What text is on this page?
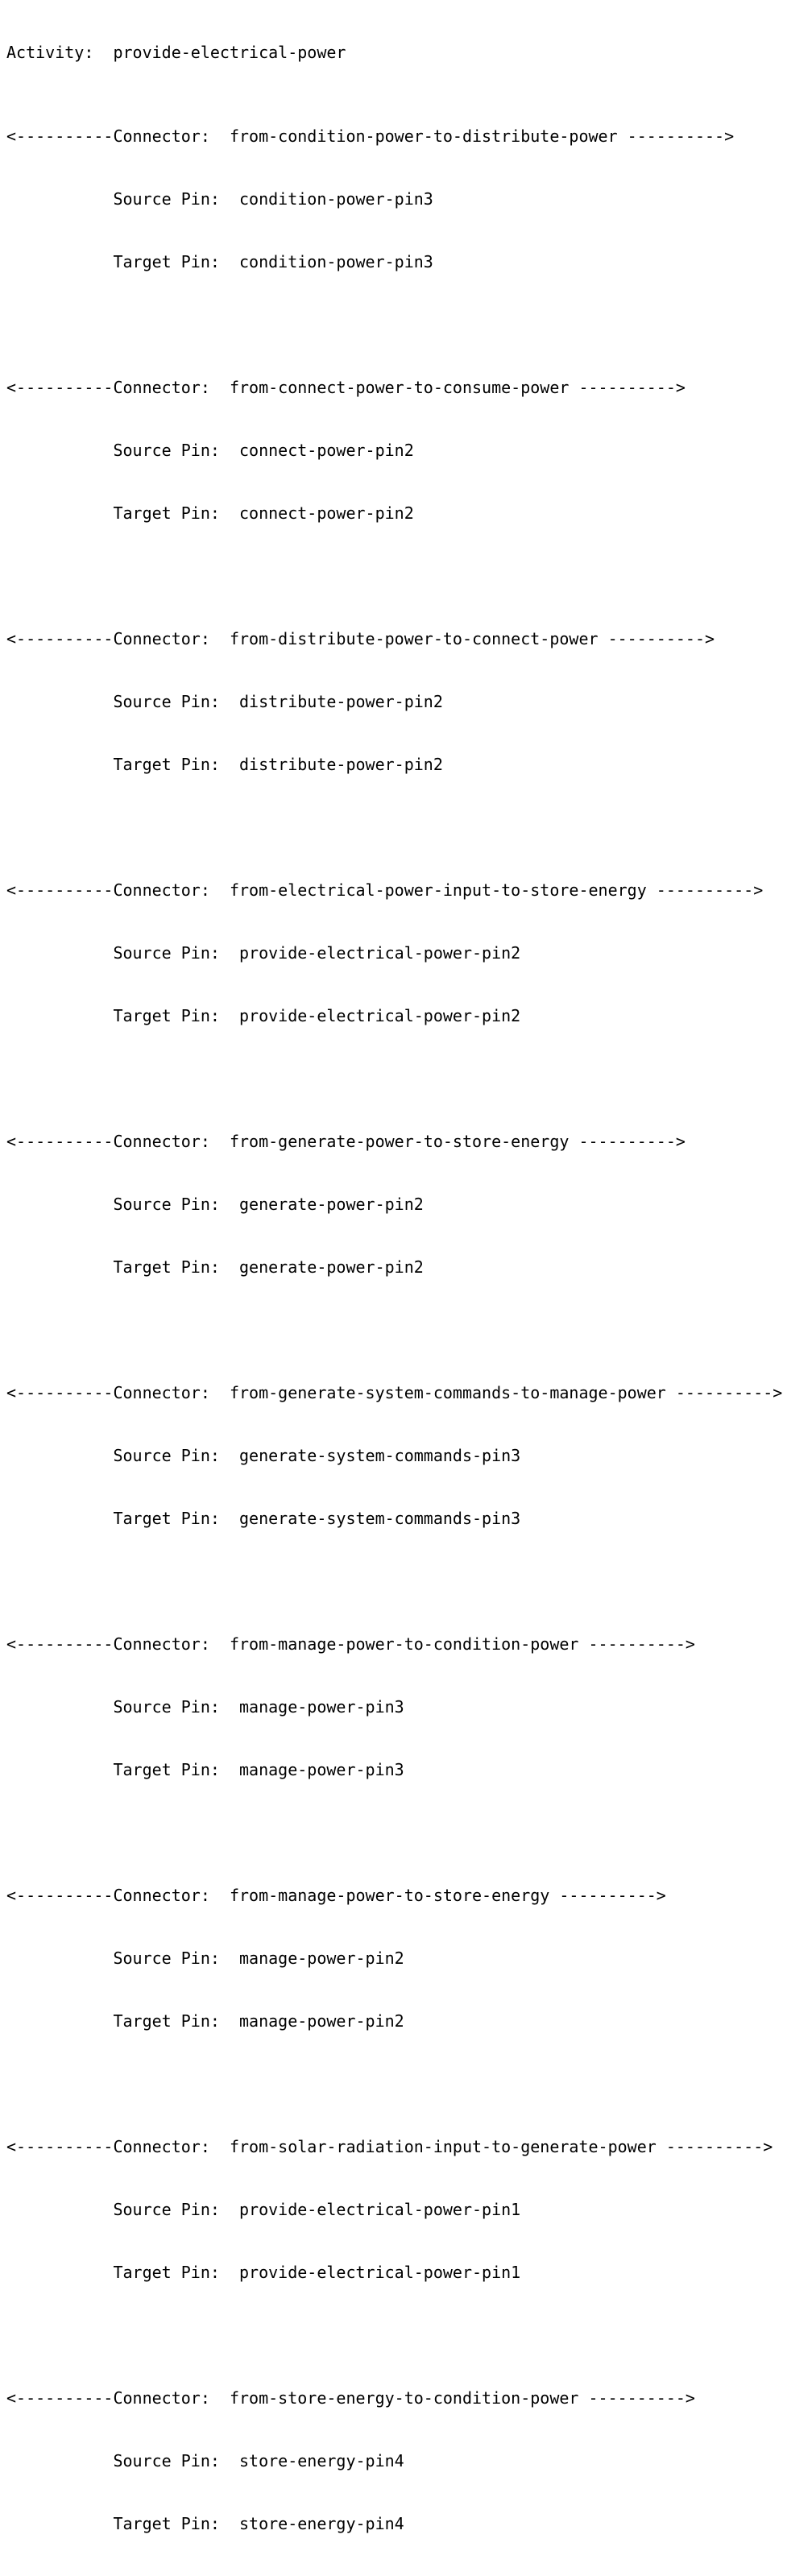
Activity: provide-electrical-power

<----------Connector: from-condition-power-to-distribute-power ---------->

Source Pin: condition-power-pin3

Target Pin: condition-power-pin3

<----------Connector: from-connect-power-to-consume-power ---------->

Source Pin: connect-power-pin2

Target Pin: connect-power-pin2

<----------Connector: from-distribute-power-to-connect-power ---------->

Source Pin: distribute-power-pin2

Target Pin: distribute-power-pin2

<----------Connector: from-electrical-power-input-to-store-energy ---------->

Source Pin: provide-electrical-power-pin2

Target Pin: provide-electrical-power-pin2

<----------Connector: from-generate-power-to-store-energy ---------->

Source Pin: generate-power-pin2

Target Pin: generate-power-pin2

<----------Connector: from-generate-system-commands-to-manage-power ---------->

Source Pin: generate-system-commands-pin3

Target Pin: generate-system-commands-pin3

<----------Connector: from-manage-power-to-condition-power ---------->

Source Pin: manage-power-pin3

Target Pin: manage-power-pin3

<----------Connector: from-manage-power-to-store-energy ---------->

Source Pin: manage-power-pin2

Target Pin: manage-power-pin2

<----------Connector: from-solar-radiation-input-to-generate-power ---------->

Source Pin: provide-electrical-power-pin1

Target Pin: provide-electrical-power-pin1

<----------Connector: from-store-energy-to-condition-power ---------->

Source Pin: store-energy-pin4

Target Pin: store-energy-pin4
